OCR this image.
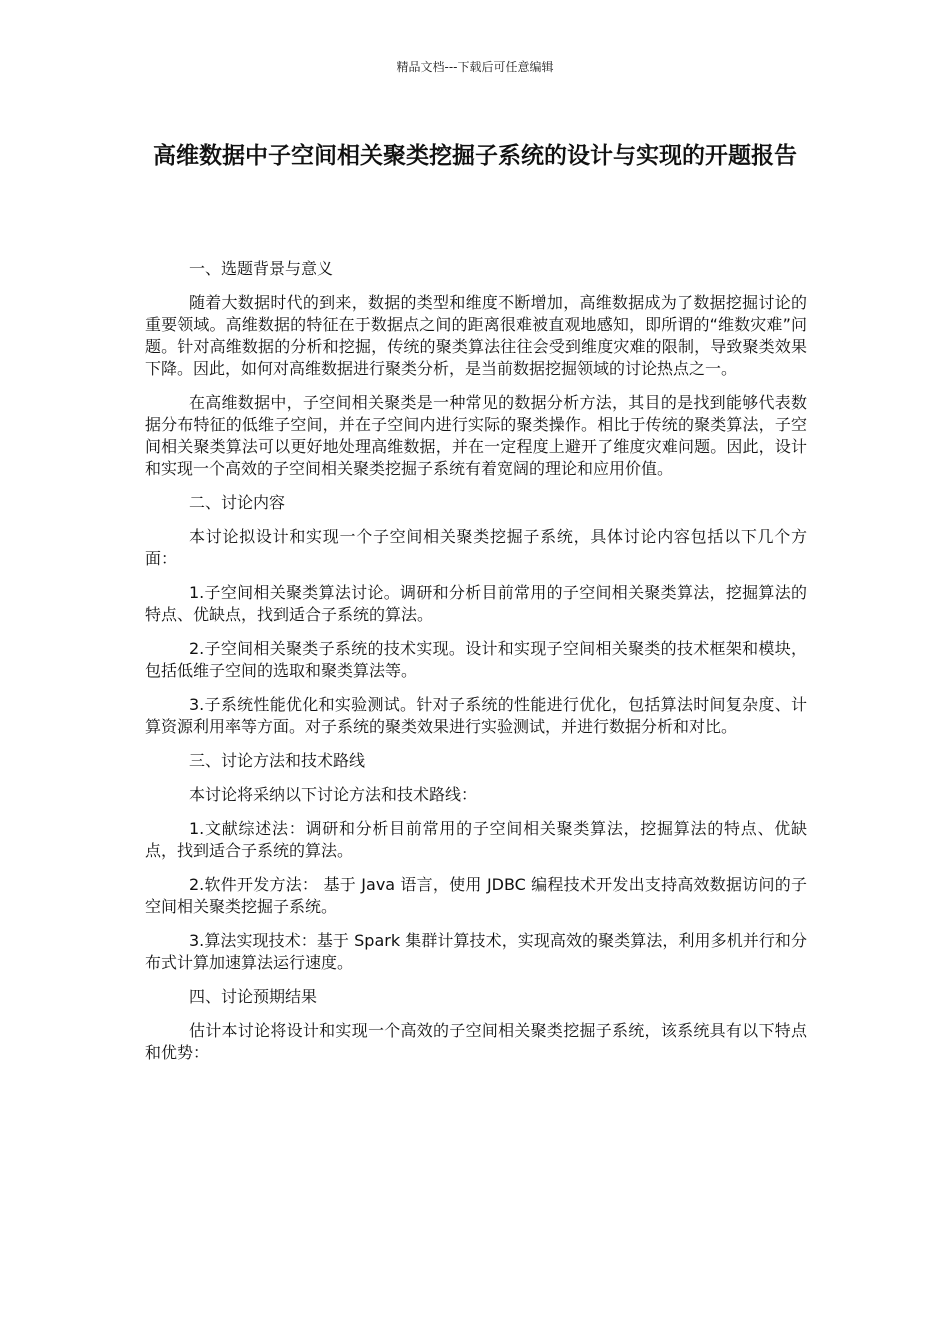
精品文档---下载后可任意编辑
高维数据中子空间相关聚类挖掘子系统的设计与实现的开题报告

一、选题背景与意义

随着大数据时代的到来，数据的类型和维度不断增加，高维数据成为了数据挖掘讨论的重要领域。高维数据的特征在于数据点之间的距离很难被直观地感知，即所谓的“维数灾难”问题。针对高维数据的分析和挖掘，传统的聚类算法往往会受到维度灾难的限制，导致聚类效果下降。因此，如何对高维数据进行聚类分析，是当前数据挖掘领域的讨论热点之一。

在高维数据中，子空间相关聚类是一种常见的数据分析方法，其目的是找到能够代表数据分布特征的低维子空间，并在子空间内进行实际的聚类操作。相比于传统的聚类算法，子空间相关聚类算法可以更好地处理高维数据，并在一定程度上避开了维度灾难问题。因此，设计和实现一个高效的子空间相关聚类挖掘子系统有着宽阔的理论和应用价值。

二、讨论内容

本讨论拟设计和实现一个子空间相关聚类挖掘子系统，具体讨论内容包括以下几个方面：

1.子空间相关聚类算法讨论。调研和分析目前常用的子空间相关聚类算法，挖掘算法的特点、优缺点，找到适合子系统的算法。

2.子空间相关聚类子系统的技术实现。设计和实现子空间相关聚类的技术框架和模块，包括低维子空间的选取和聚类算法等。

3.子系统性能优化和实验测试。针对子系统的性能进行优化，包括算法时间复杂度、计算资源利用率等方面。对子系统的聚类效果进行实验测试，并进行数据分析和对比。

三、讨论方法和技术路线

本讨论将采纳以下讨论方法和技术路线：

1.文献综述法：调研和分析目前常用的子空间相关聚类算法，挖掘算法的特点、优缺点，找到适合子系统的算法。

2.软件开发方法： 基于 Java 语言，使用 JDBC 编程技术开发出支持高效数据访问的子空间相关聚类挖掘子系统。

3.算法实现技术：基于 Spark 集群计算技术，实现高效的聚类算法，利用多机并行和分布式计算加速算法运行速度。

四、讨论预期结果

估计本讨论将设计和实现一个高效的子空间相关聚类挖掘子系统，该系统具有以下特点和优势：
